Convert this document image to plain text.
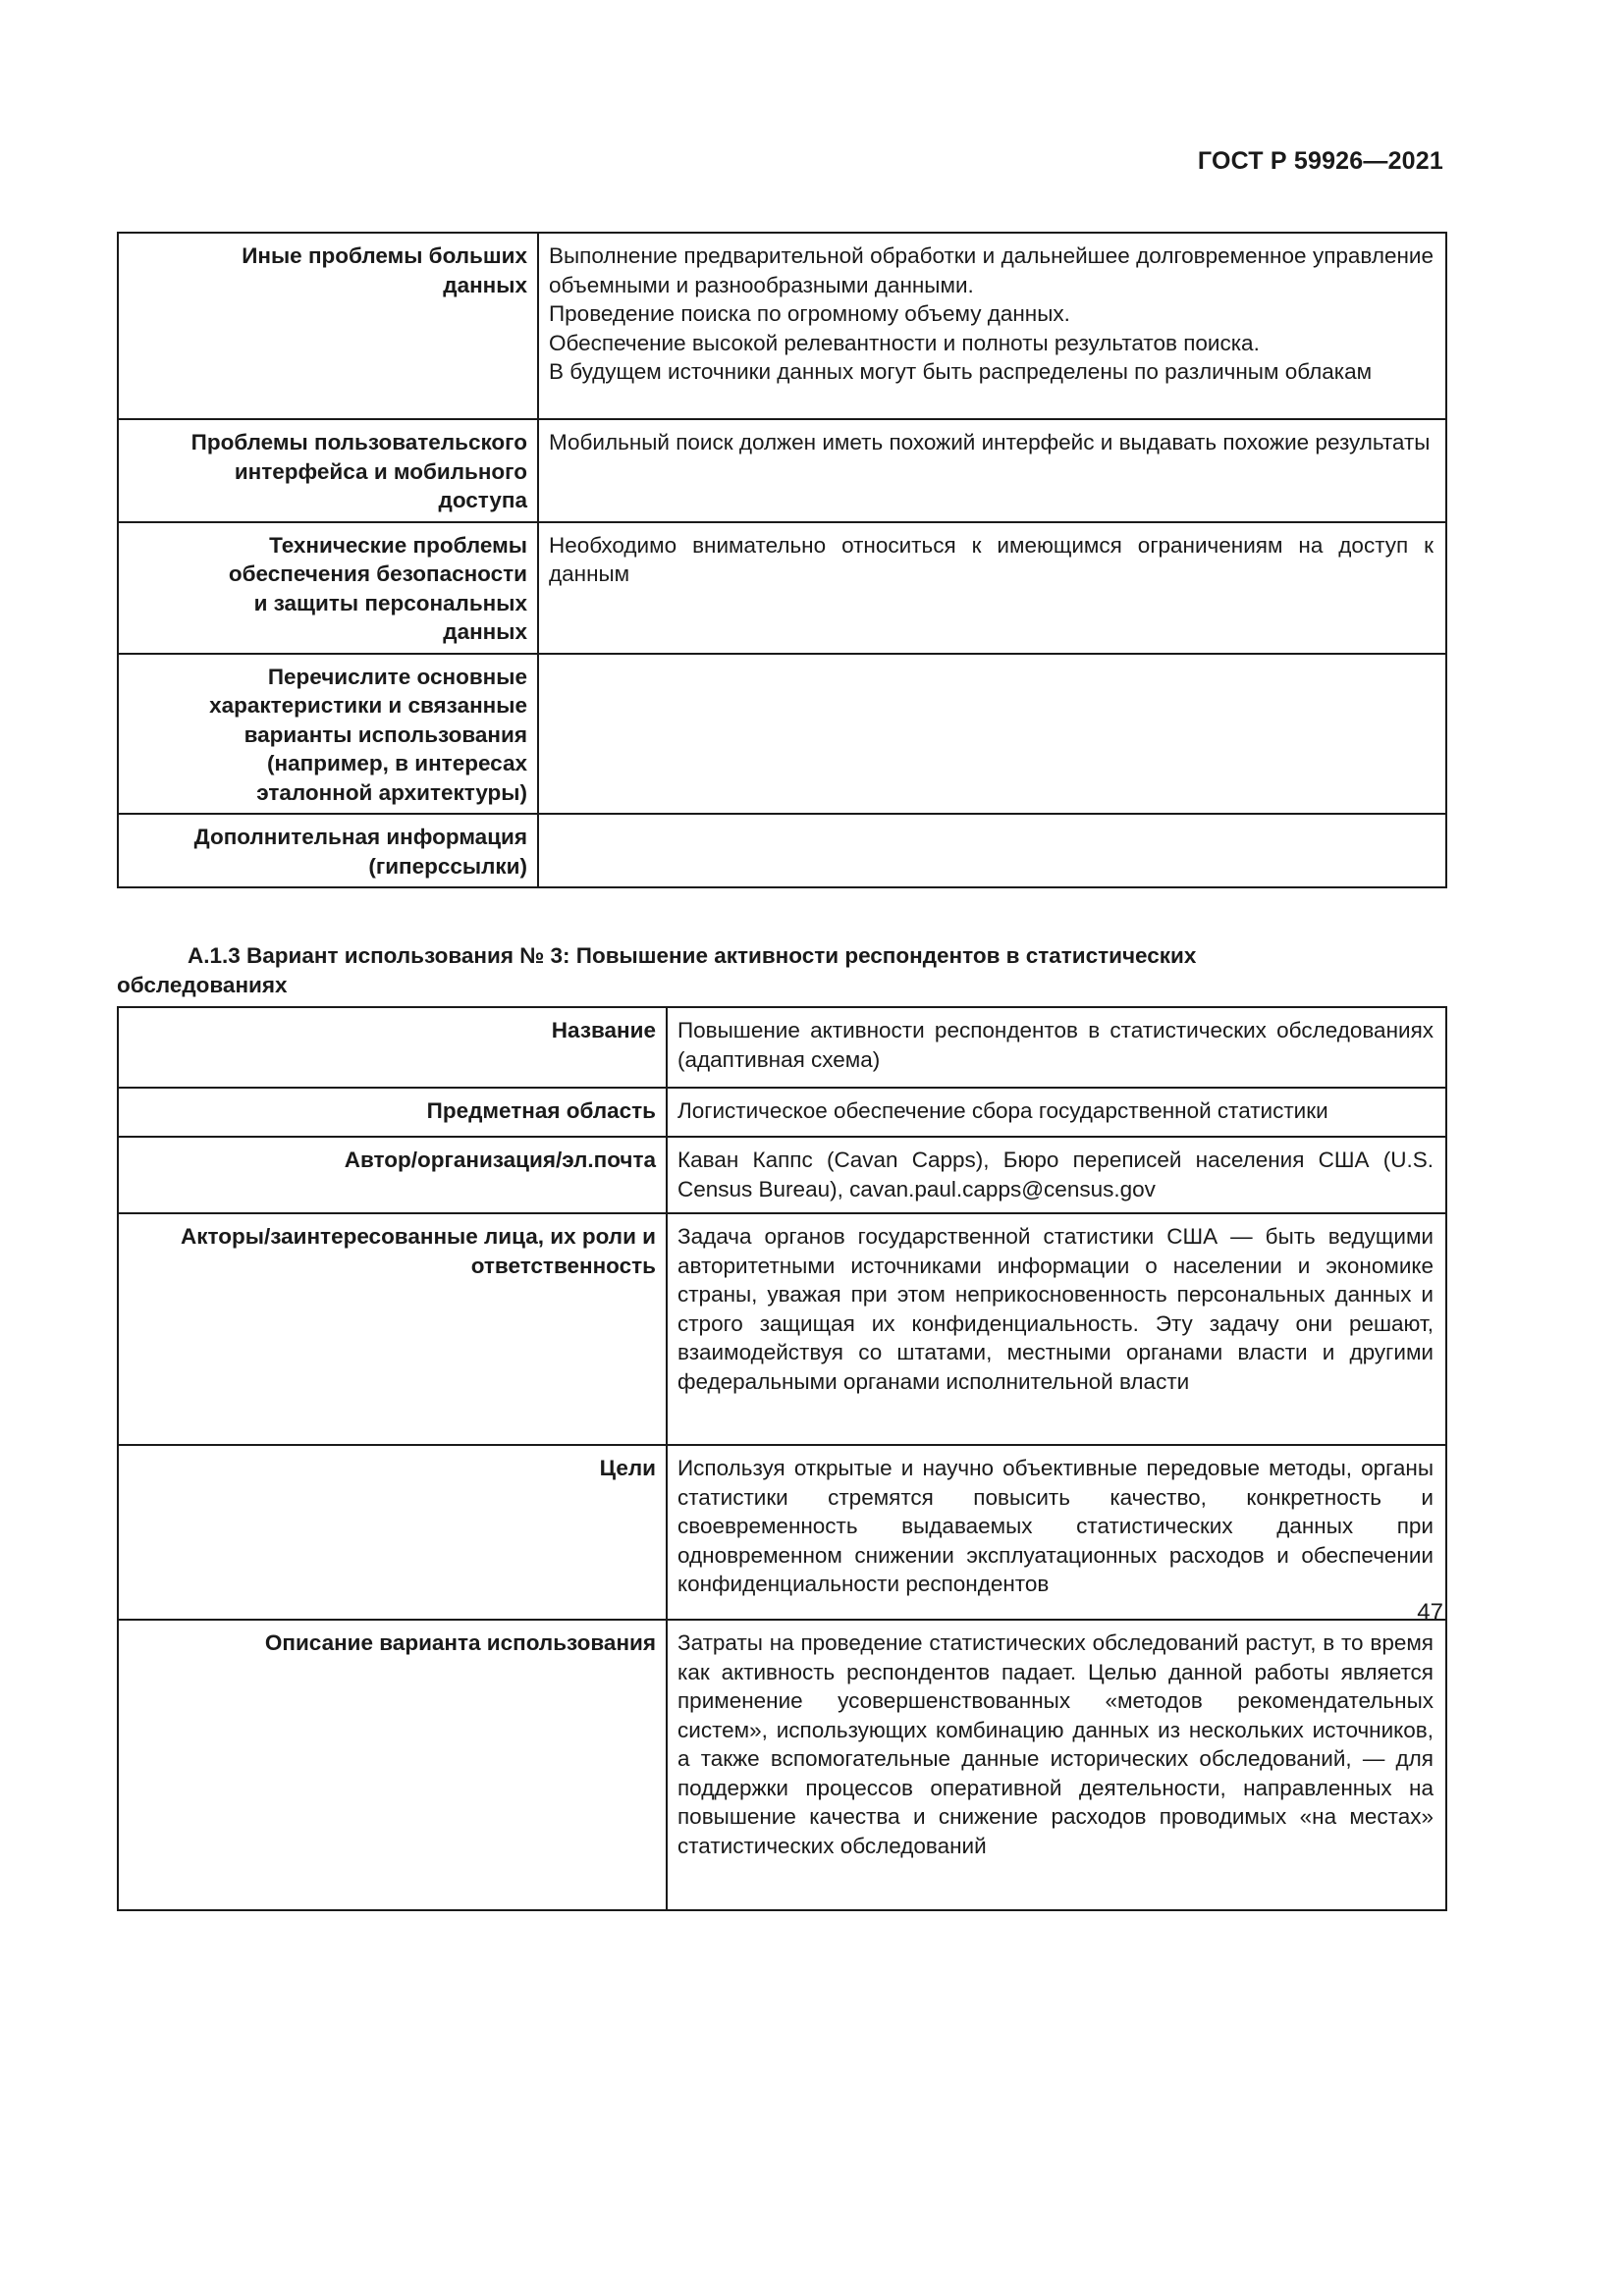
ГОСТ Р 59926—2021
Иные проблемы больших
данных	Выполнение предварительной обработки и дальнейшее долговременное управление объемными и разнообразными данными.
Проведение поиска по огромному объему данных.
Обеспечение высокой релевантности и полноты результатов поиска.
В будущем источники данных могут быть распределены по различным облакам

Проблемы пользовательского
интерфейса и мобильного
доступа	Мобильный поиск должен иметь похожий интерфейс и выдавать похожие результаты

Технические проблемы
обеспечения безопасности
и защиты персональных
данных	Необходимо внимательно относиться к имеющимся ограничениям на доступ к данным

Перечислите основные
характеристики и связанные
варианты использования
(например, в интересах
эталонной архитектуры)	

Дополнительная информация
(гиперссылки)	

А.1.3 Вариант использования № 3: Повышение активности респондентов в статистических
обследованиях
Название	Повышение активности респондентов в статистических обследованиях (адаптивная схема)
Предметная область	Логистическое обеспечение сбора государственной статистики
Автор/организация/эл.почта	Каван Каппс (Cavan Capps), Бюро переписей населения США (U.S. Census Bureau), cavan.paul.capps@census.gov
Акторы/заинтересованные лица, их роли и ответственность	Задача органов государственной статистики США — быть ведущими авторитетными источниками информации о населении и экономике страны, уважая при этом неприкосновенность персональных данных и строго защищая их конфиденциальность. Эту задачу они решают, взаимодействуя со штатами, местными органами власти и другими федеральными органами исполнительной власти
Цели	Используя открытые и научно объективные передовые методы, органы статистики стремятся повысить качество, конкретность и своевременность выдаваемых статистических данных при одновременном снижении эксплуатационных расходов и обеспечении конфиденциальности респондентов
Описание варианта использования	Затраты на проведение статистических обследований растут, в то время как активность респондентов падает. Целью данной работы является применение усовершенствованных «методов рекомендательных систем», использующих комбинацию данных из нескольких источников, а также вспомогательные данные исторических обследований, — для поддержки процессов оперативной деятельности, направленных на повышение качества и снижение расходов проводимых «на местах» статистических обследований
47
